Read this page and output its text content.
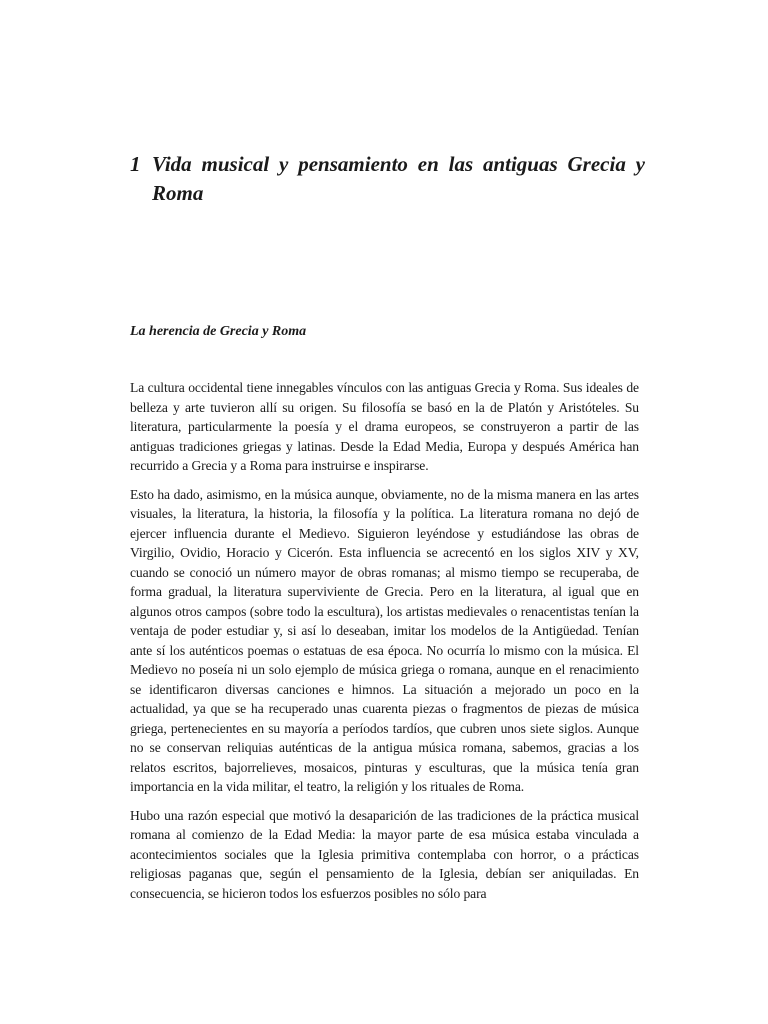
1 Vida musical y pensamiento en las antiguas Grecia y Roma
La herencia de Grecia y Roma

La cultura occidental tiene innegables vínculos con las antiguas Grecia y Roma. Sus ideales de belleza y arte tuvieron allí su origen. Su filosofía se basó en la de Platón y Aristóteles. Su literatura, particularmente la poesía y el drama europeos, se construyeron a partir de las antiguas tradiciones griegas y latinas. Desde la Edad Media, Europa y después América han recurrido a Grecia y a Roma para instruirse e inspirarse.

Esto ha dado, asimismo, en la música aunque, obviamente, no de la misma manera en las artes visuales, la literatura, la historia, la filosofía y la política. La literatura romana no dejó de ejercer influencia durante el Medievo. Siguieron leyéndose y estudiándose las obras de Virgilio, Ovidio, Horacio y Cicerón. Esta influencia se acrecentó en los siglos XIV y XV, cuando se conoció un número mayor de obras romanas; al mismo tiempo se recuperaba, de forma gradual, la literatura superviviente de Grecia. Pero en la literatura, al igual que en algunos otros campos (sobre todo la escultura), los artistas medievales o renacentistas tenían la ventaja de poder estudiar y, si así lo deseaban, imitar los modelos de la Antigüedad. Tenían ante sí los auténticos poemas o estatuas de esa época. No ocurría lo mismo con la música. El Medievo no poseía ni un solo ejemplo de música griega o romana, aunque en el renacimiento se identificaron diversas canciones e himnos. La situación a mejorado un poco en la actualidad, ya que se ha recuperado unas cuarenta piezas o fragmentos de piezas de música griega, pertenecientes en su mayoría a períodos tardíos, que cubren unos siete siglos. Aunque no se conservan reliquias auténticas de la antigua música romana, sabemos, gracias a los relatos escritos, bajorrelieves, mosaicos, pinturas y esculturas, que la música tenía gran importancia en la vida militar, el teatro, la religión y los rituales de Roma.

Hubo una razón especial que motivó la desaparición de las tradiciones de la práctica musical romana al comienzo de la Edad Media: la mayor parte de esa música estaba vinculada a acontecimientos sociales que la Iglesia primitiva contemplaba con horror, o a prácticas religiosas paganas que, según el pensamiento de la Iglesia, debían ser aniquiladas. En consecuencia, se hicieron todos los esfuerzos posibles no sólo para
